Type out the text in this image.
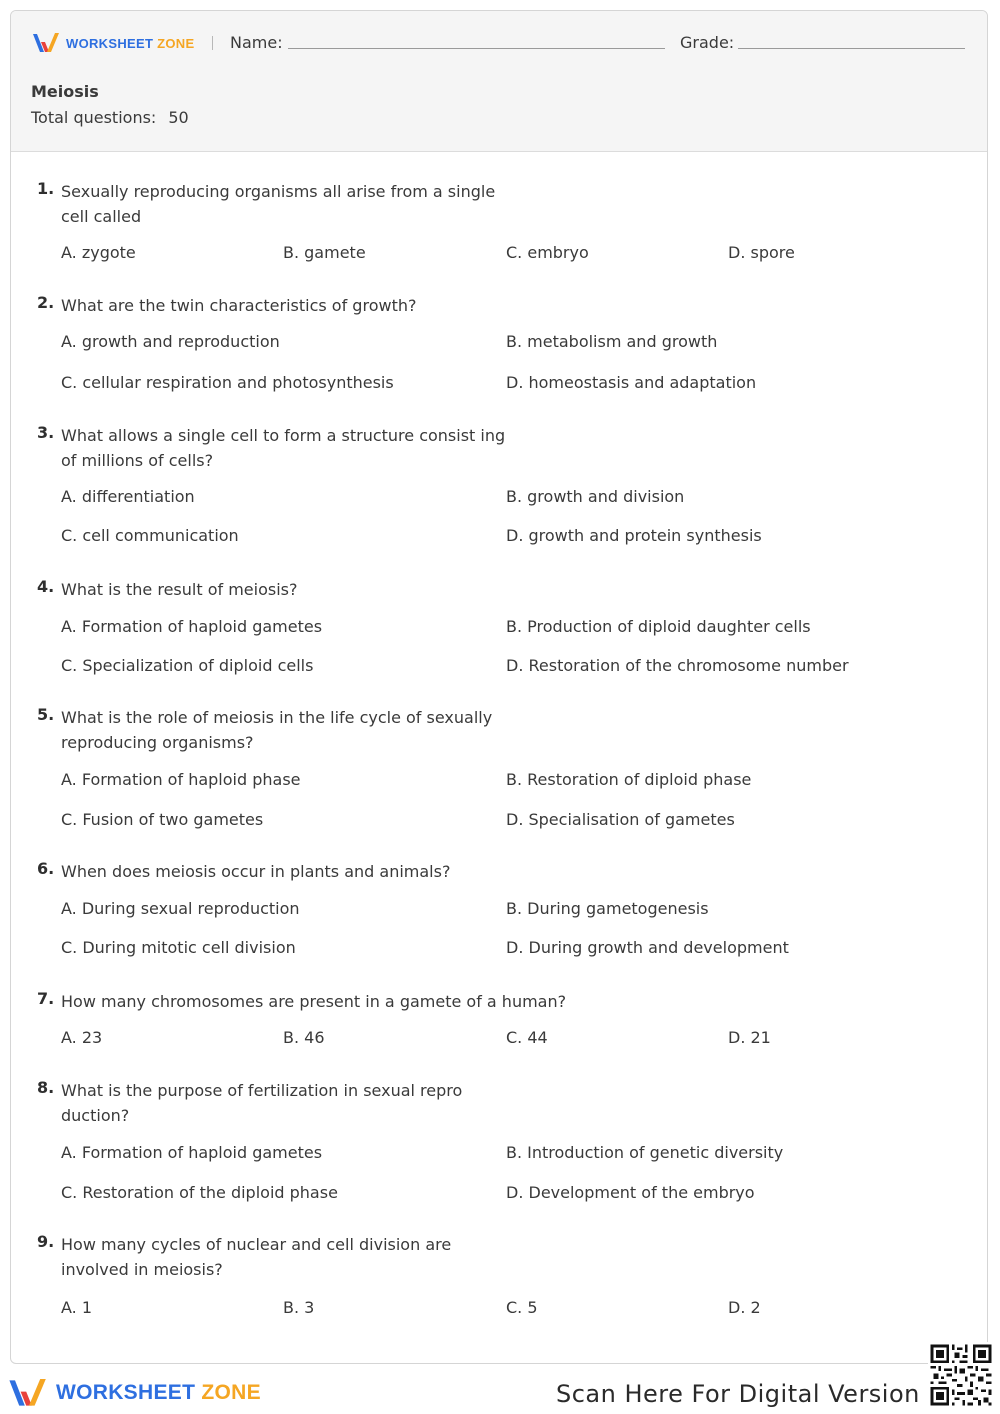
WORKSHEET ZONE Name:	Grade:
Meiosis
Total questions: 50
1. Sexually reproducing organisms all arise from a single cell called
A. zygote	B. gamete	C. embryo	D. spore
2. What are the twin characteristics of growth?
A. growth and reproduction	B. metabolism and growth
C. cellular respiration and photosynthesis	D. homeostasis and adaptation
3. What allows a single cell to form a structure consist ing of millions of cells?
A. differentiation	B. growth and division
C. cell communication	D. growth and protein synthesis
4. What is the result of meiosis?
A. Formation of haploid gametes	B. Production of diploid daughter cells
C. Specialization of diploid cells	D. Restoration of the chromosome number
5. What is the role of meiosis in the life cycle of sexually reproducing organisms?
A. Formation of haploid phase	B. Restoration of diploid phase
C. Fusion of two gametes	D. Specialisation of gametes
6. When does meiosis occur in plants and animals?
A. During sexual reproduction	B. During gametogenesis
C. During mitotic cell division	D. During growth and development
7. How many chromosomes are present in a gamete of a human?
A. 23	B. 46	C. 44	D. 21
8. What is the purpose of fertilization in sexual repro duction?
A. Formation of haploid gametes	B. Introduction of genetic diversity
C. Restoration of the diploid phase	D. Development of the embryo
9. How many cycles of nuclear and cell division are involved in meiosis?
A. 1	B. 3	C. 5	D. 2
WORKSHEET ZONE	Scan Here For Digital Version
